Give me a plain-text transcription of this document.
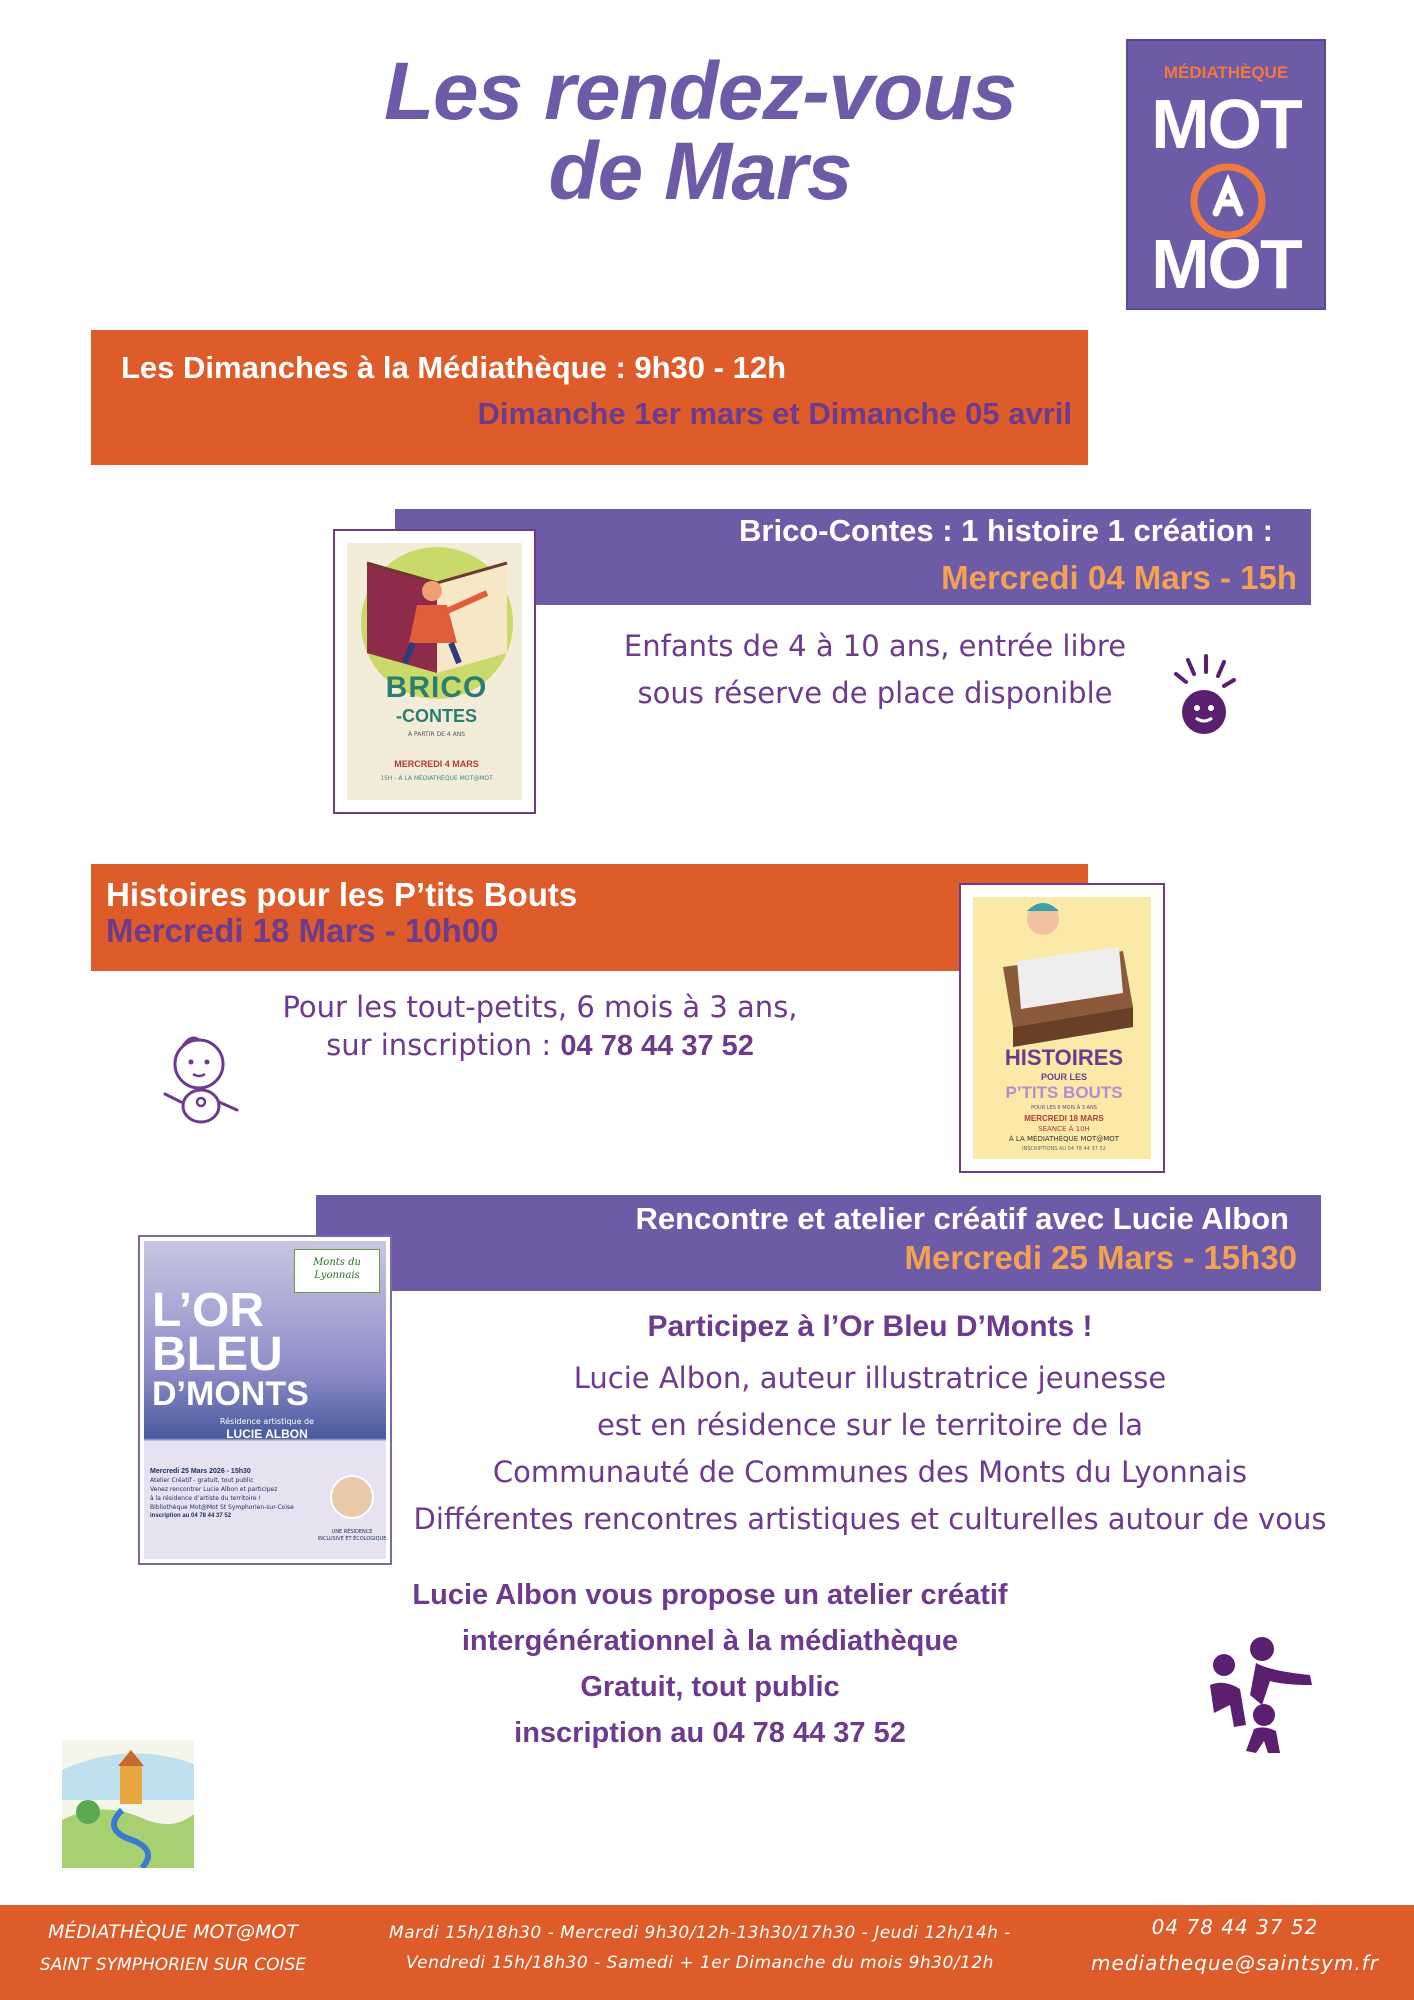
Les rendez-vous
de Mars
MÉDIATHÈQUE
MOT
MOT
Les Dimanches à la Médiathèque : 9h30 - 12h
Dimanche 1er mars et Dimanche 05 avril
Brico-Contes : 1 histoire 1 création :
Mercredi 04 Mars - 15h
BRICO
-CONTES
À PARTIR DE 4 ANS
MERCREDI 4 MARS
15H - À LA MÉDIATHÈQUE MOT@MOT
Enfants de 4 à 10 ans, entrée libre
sous réserve de place disponible
Histoires pour les P’tits Bouts
Mercredi 18 Mars - 10h00
HISTOIRES
POUR LES
P’TITS BOUTS
POUR LES 6 MOIS À 3 ANS
MERCREDI 18 MARS
SÉANCE À 10H
À LA MÉDIATHÈQUE MOT@MOT
INSCRIPTIONS AU 04 78 44 37 52
Pour les tout-petits, 6 mois à 3 ans,
sur inscription : 04 78 44 37 52
Rencontre et atelier créatif avec Lucie Albon
Mercredi 25 Mars - 15h30
Monts du
Lyonnais
L’OR
BLEU
D’MONTS
Résidence artistique de
LUCIE ALBON
Mercredi 25 Mars 2026 - 15h30
Atelier Créatif - gratuit, tout public
Venez rencontrer Lucie Albon et participez
à la résidence d’artiste du territoire !
Bibliothèque Mot@Mot St Symphorien-sur-Coise
inscription au 04 78 44 37 52
UNE RÉSIDENCE
INCLUSIVE ET ÉCOLOGIQUE
Participez à l’Or Bleu D’Monts !
Lucie Albon, auteur illustratrice jeunesse
est en résidence sur le territoire de la
Communauté de Communes des Monts du Lyonnais
Différentes rencontres artistiques et culturelles autour de vous
Lucie Albon vous propose un atelier créatif
intergénérationnel à la médiathèque
Gratuit, tout public
inscription au 04 78 44 37 52
MÉDIATHÈQUE MOT@MOT
SAINT SYMPHORIEN SUR COISE
Mardi 15h/18h30 - Mercredi 9h30/12h-13h30/17h30 - Jeudi 12h/14h -
Vendredi 15h/18h30 - Samedi + 1er Dimanche du mois 9h30/12h
04 78 44 37 52
mediatheque@saintsym.fr
